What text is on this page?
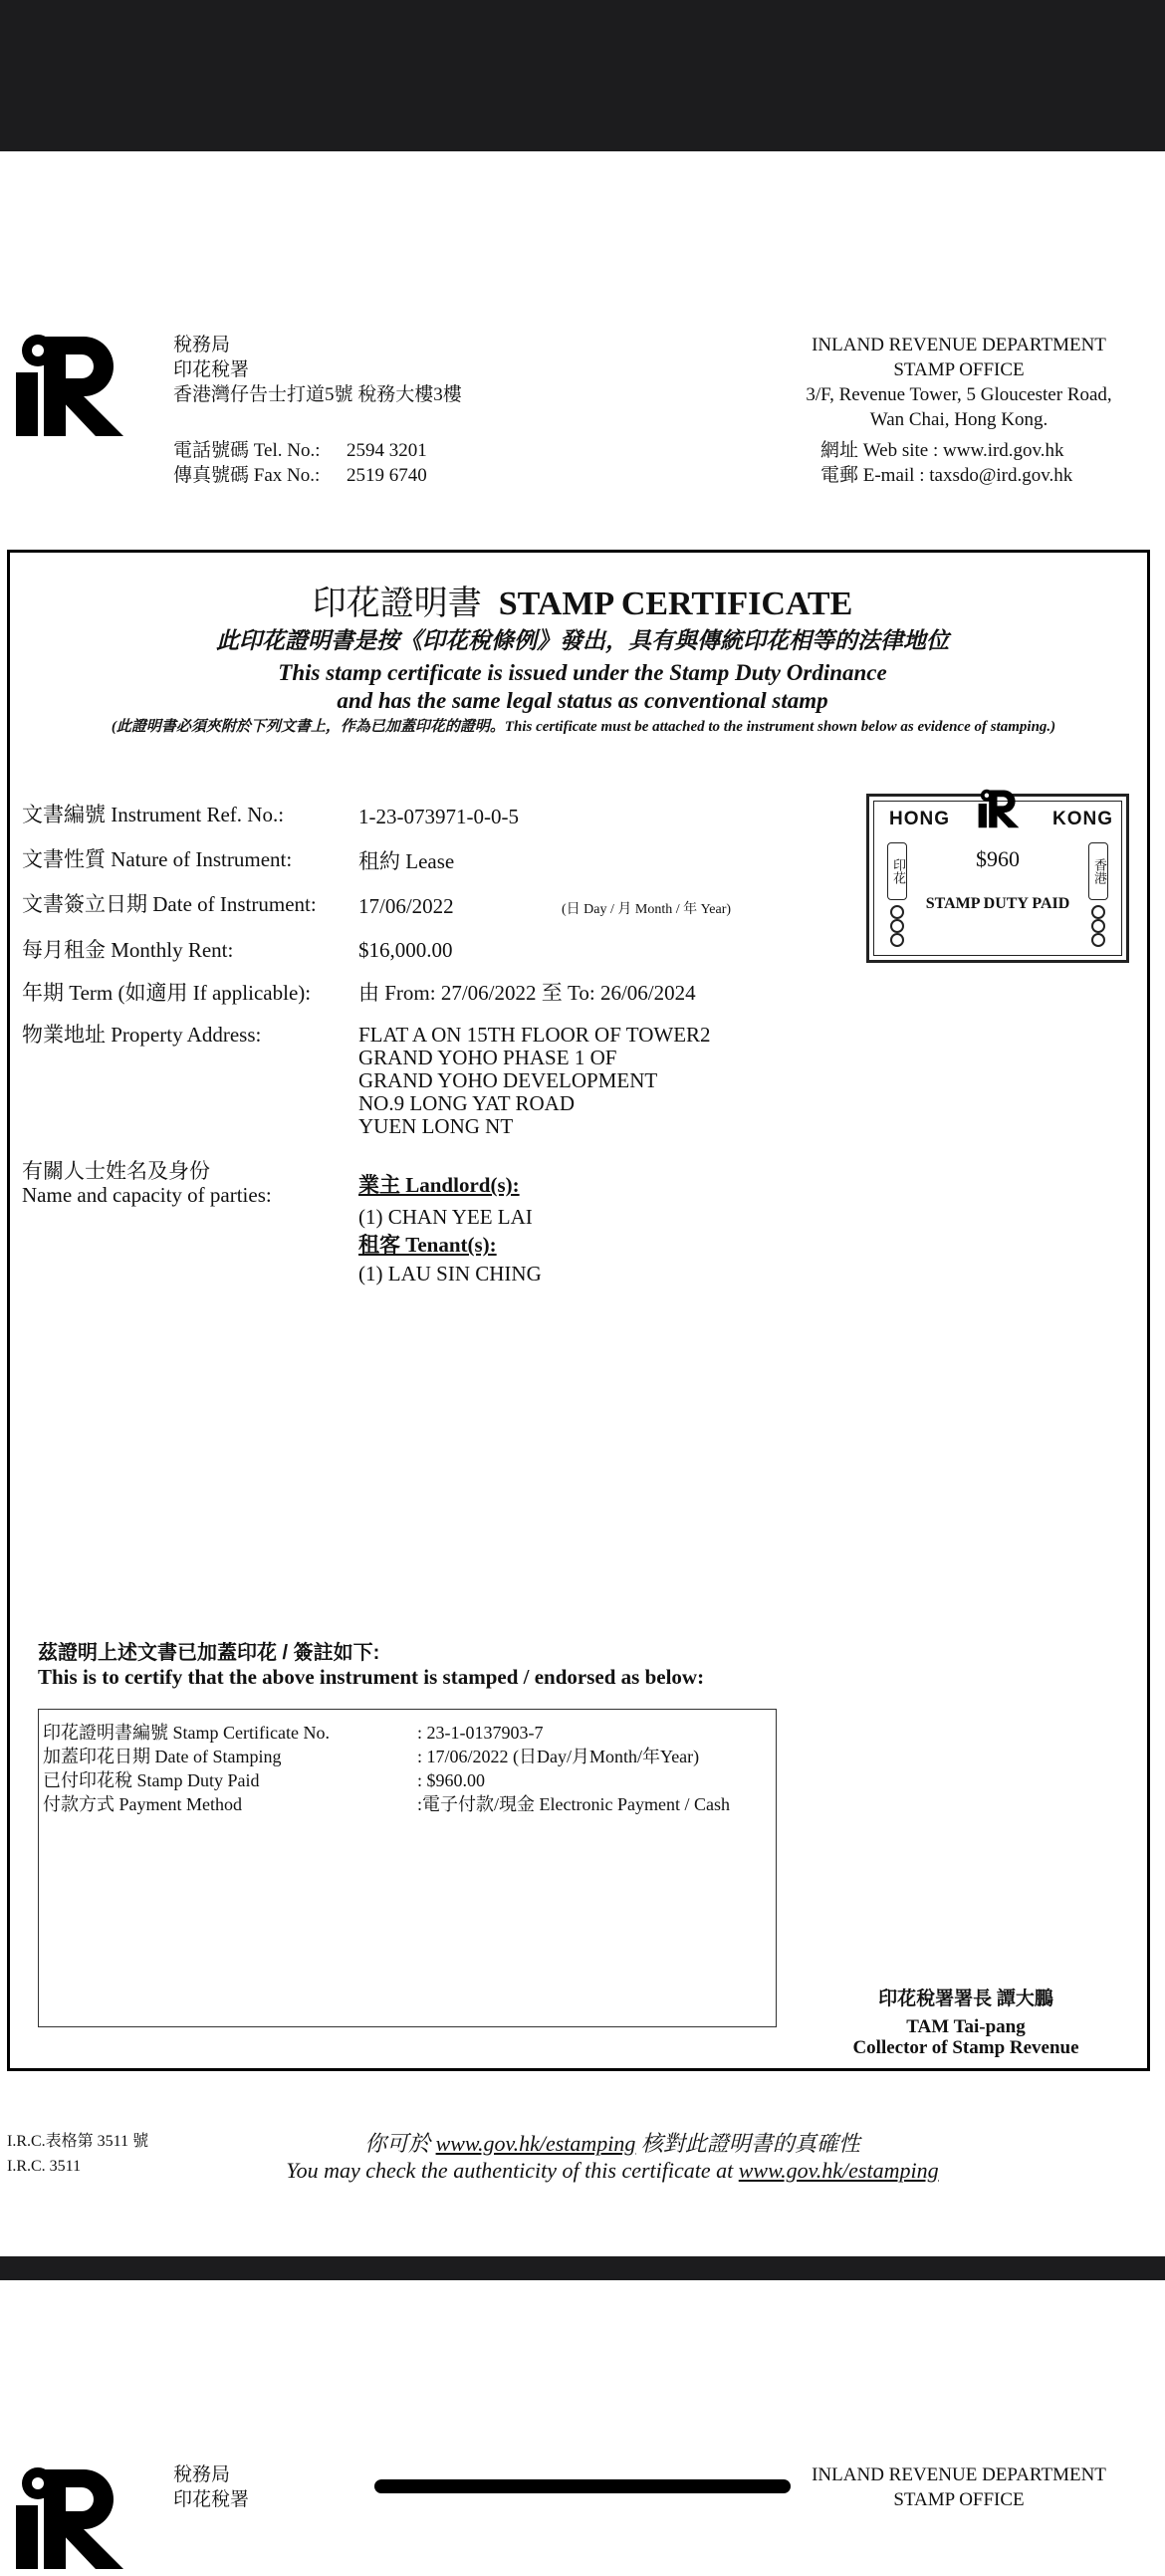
稅務局
印花稅署
香港灣仔告士打道5號 稅務大樓3樓
電話號碼 Tel. No.: 2594 3201
傳真號碼 Fax No.: 2519 6740
INLAND REVENUE DEPARTMENT
STAMP OFFICE
3/F, Revenue Tower, 5 Gloucester Road,
Wan Chai, Hong Kong.
網址 Web site : www.ird.gov.hk
電郵 E-mail : taxsdo@ird.gov.hk
印花證明書 STAMP CERTIFICATE
此印花證明書是按《印花稅條例》發出，具有與傳統印花相等的法律地位
This stamp certificate is issued under the Stamp Duty Ordinance
and has the same legal status as conventional stamp
(此證明書必須夾附於下列文書上，作為已加蓋印花的證明。This certificate must be attached to the instrument shown below as evidence of stamping.)
文書編號 Instrument Ref. No.:	1-23-073971-0-0-5
文書性質 Nature of Instrument:	租約 Lease
文書簽立日期 Date of Instrument: 17/06/2022	(日 Day / 月 Month / 年 Year)
每月租金 Monthly Rent:	$16,000.00
年期 Term (如適用 If applicable): 由 From: 27/06/2022 至 To: 26/06/2024
物業地址 Property Address:	FLAT A ON 15TH FLOOR OF TOWER2
GRAND YOHO PHASE 1 OF
GRAND YOHO DEVELOPMENT
NO.9 LONG YAT ROAD
YUEN LONG NT
有關人士姓名及身份
Name and capacity of parties:	業主 Landlord(s):
(1) CHAN YEE LAI
租客 Tenant(s):
(1) LAU SIN CHING
HONG	KONG
印花	香港
$960
STAMP DUTY PAID
茲證明上述文書已加蓋印花 / 簽註如下:
This is to certify that the above instrument is stamped / endorsed as below:
印花證明書編號 Stamp Certificate No.	: 23-1-0137903-7
加蓋印花日期 Date of Stamping	: 17/06/2022 (日Day/月Month/年Year)
已付印花稅 Stamp Duty Paid	: $960.00
付款方式 Payment Method	:電子付款/現金 Electronic Payment / Cash
印花稅署署長 譚大鵬
TAM Tai-pang
Collector of Stamp Revenue
I.R.C.表格第 3511 號
I.R.C. 3511
你可於 www.gov.hk/estamping 核對此證明書的真確性
You may check the authenticity of this certificate at www.gov.hk/estamping
稅務局
印花稅署
INLAND REVENUE DEPARTMENT
STAMP OFFICE
